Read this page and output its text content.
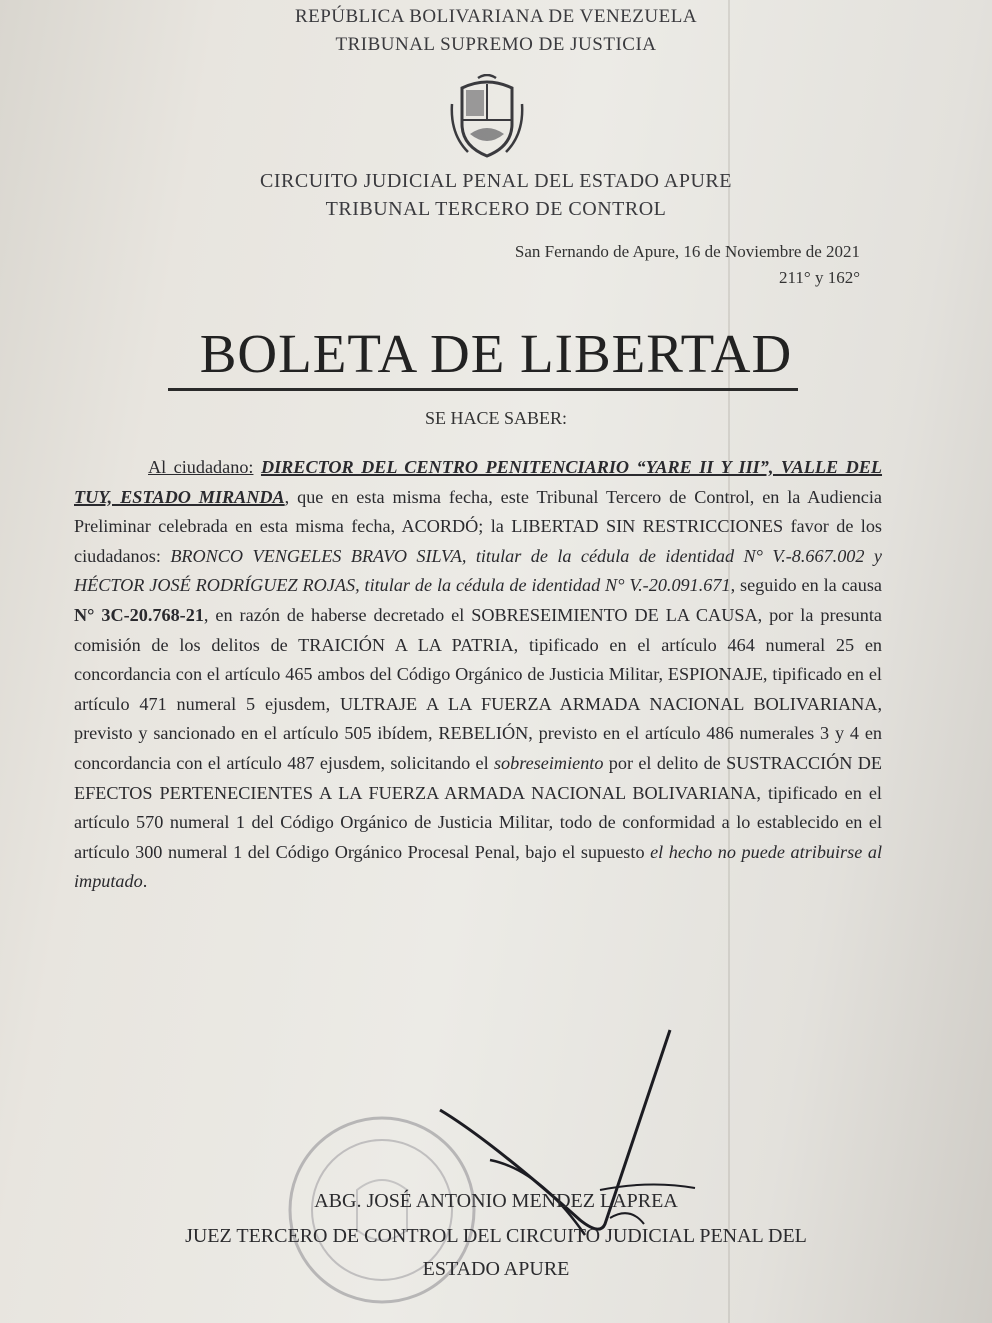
REPÚBLICA BOLIVARIANA DE VENEZUELA
TRIBUNAL SUPREMO DE JUSTICIA
CIRCUITO JUDICIAL PENAL DEL ESTADO APURE
TRIBUNAL TERCERO DE CONTROL
San Fernando de Apure, 16 de Noviembre de 2021
211° y 162°
BOLETA DE LIBERTAD
SE HACE SABER:
Al ciudadano: DIRECTOR DEL CENTRO PENITENCIARIO “YARE II Y III”, VALLE DEL TUY, ESTADO MIRANDA, que en esta misma fecha, este Tribunal Tercero de Control, en la Audiencia Preliminar celebrada en esta misma fecha, ACORDÓ; la LIBERTAD SIN RESTRICCIONES favor de los ciudadanos: BRONCO VENGELES BRAVO SILVA, titular de la cédula de identidad N° V.-8.667.002 y HÉCTOR JOSÉ RODRÍGUEZ ROJAS, titular de la cédula de identidad N° V.-20.091.671, seguido en la causa N° 3C-20.768-21, en razón de haberse decretado el SOBRESEIMIENTO DE LA CAUSA, por la presunta comisión de los delitos de TRAICIÓN A LA PATRIA, tipificado en el artículo 464 numeral 25 en concordancia con el artículo 465 ambos del Código Orgánico de Justicia Militar, ESPIONAJE, tipificado en el artículo 471 numeral 5 ejusdem, ULTRAJE A LA FUERZA ARMADA NACIONAL BOLIVARIANA, previsto y sancionado en el artículo 505 ibídem, REBELIÓN, previsto en el artículo 486 numerales 3 y 4 en concordancia con el artículo 487 ejusdem, solicitando el sobreseimiento por el delito de SUSTRACCIÓN DE EFECTOS PERTENECIENTES A LA FUERZA ARMADA NACIONAL BOLIVARIANA, tipificado en el artículo 570 numeral 1 del Código Orgánico de Justicia Militar, todo de conformidad a lo establecido en el artículo 300 numeral 1 del Código Orgánico Procesal Penal, bajo el supuesto el hecho no puede atribuirse al imputado.
ABG. JOSÉ ANTONIO MENDEZ LAPREA
JUEZ TERCERO DE CONTROL DEL CIRCUITO JUDICIAL PENAL DEL
ESTADO APURE
